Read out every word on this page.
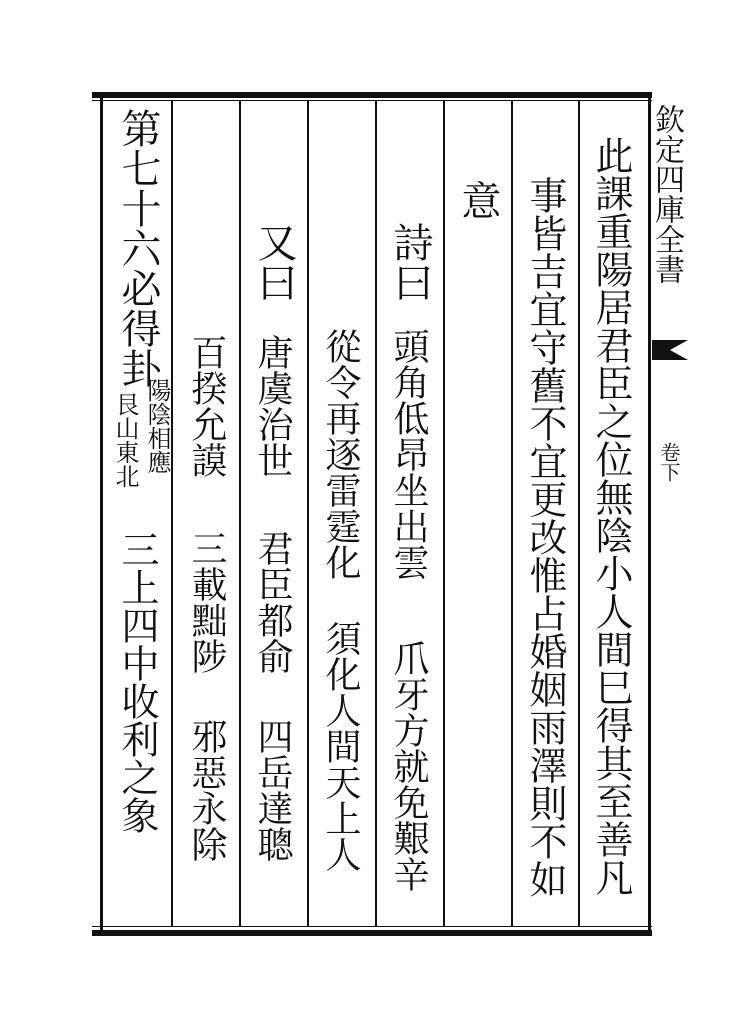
欽定四庫全書
卷下
此課重陽居君臣之位無陰小人間巳得其至善凡
事皆吉宜守舊不宜更改惟占婚姻雨澤則不如
意
詩曰
頭角低昂坐出雲
爪牙方就免艱辛
從令再逐雷霆化
須化人間天上人
又曰
唐虞治世
君臣都俞
四岳達聰
百揆允謨
三載黜陟
邪惡永除
第七十六必得卦
陽陰相應
艮山東北
三上四中收利之象
